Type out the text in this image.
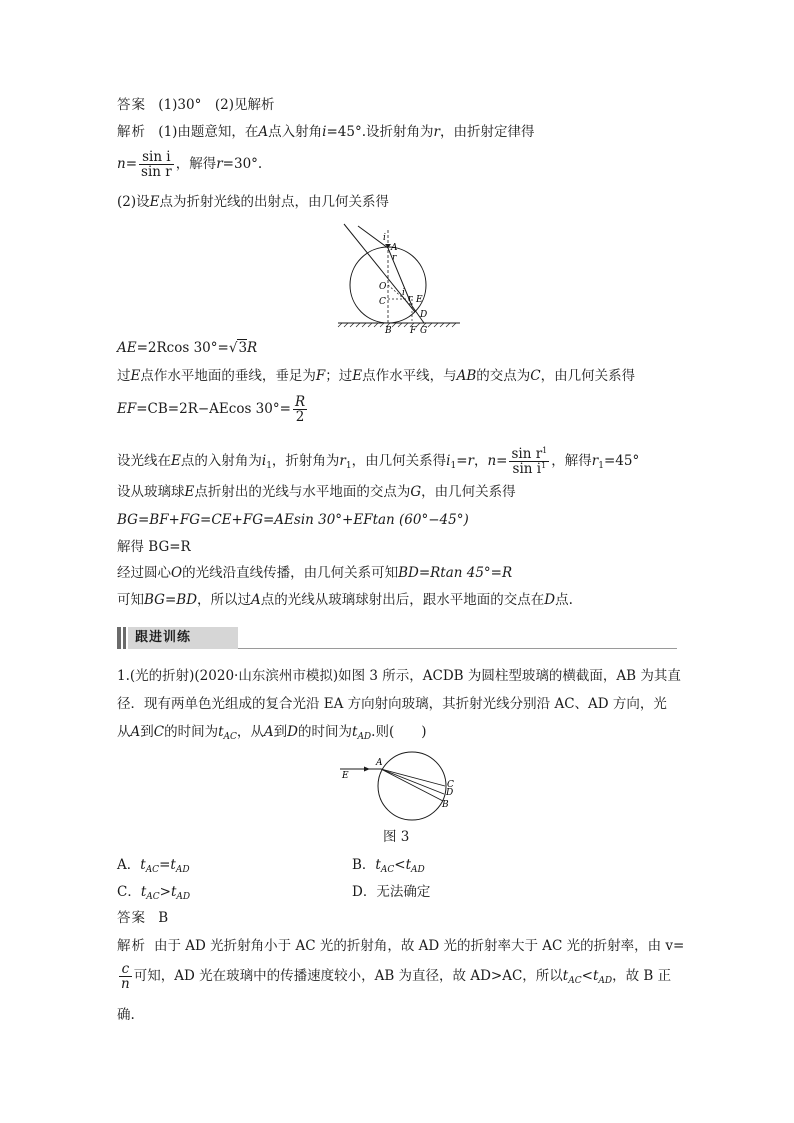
答案 (1)30°　(2)见解析
解析 (1)由题意知，在A点入射角i=45°.设折射角为r，由折射定律得
$n= \frac{\text{sin i}}{\text{sin r}}$ ，解得r=30°.
(2)设E点为折射光线的出射点，由几何关系得
i
A
r
O
C
i
r E
D
B F G
AE=2Rcos 30°=√3R
过E点作水平地面的垂线，垂足为F；过E点作水平线，与AB的交点为C，由几何关系得
EF=CB=2R−AEcos $30^\circ= \frac{R}{2}$
设光线在E点的入射角为$i_1$，折射角为$r_1$，由几何关系得$i_1=r$，$n= \frac{\sin r^1}{\sin i^1}$ ，解得$r_1=45^\circ$
设从玻璃球E点折射出的光线与水平地面的交点为G，由几何关系得
BG=BF+FG=CE+FG=AEsin 30°+EFtan (60°−45°)
解得 BG=R
经过圆心O的光线沿直线传播，由几何关系可知BD=Rtan 45°=R
可知BG=BD，所以过A点的光线从玻璃球射出后，跟水平地面的交点在D点.
跟进训练
1.(光的折射)(2020·山东滨州市模拟)如图 3 所示，ACDB 为圆柱型玻璃的横截面，AB 为其直
径．现有两单色光组成的复合光沿 EA 方向射向玻璃，其折射光线分别沿 AC、AD 方向，光
从A到C的时间为$t_{AC}$，从A到D的时间为$t_{AD}$.则(　　)
E
A
C
D
B
图 3
A．$t_{AC}=t_{AD}$	B．$t_{AC}<t_{AD}$
C．$t_{AC}>t_{AD}$	D．无法确定
答案 B
解析 由于 AD 光折射角小于 AC 光的折射角，故 AD 光的折射率大于 AC 光的折射率，由 v=
$\frac{c}{n}$ 可知，AD 光在玻璃中的传播速度较小，AB 为直径，故 AD>AC，所以$t_{AC}<t_{AD}$，故 B 正
确.
